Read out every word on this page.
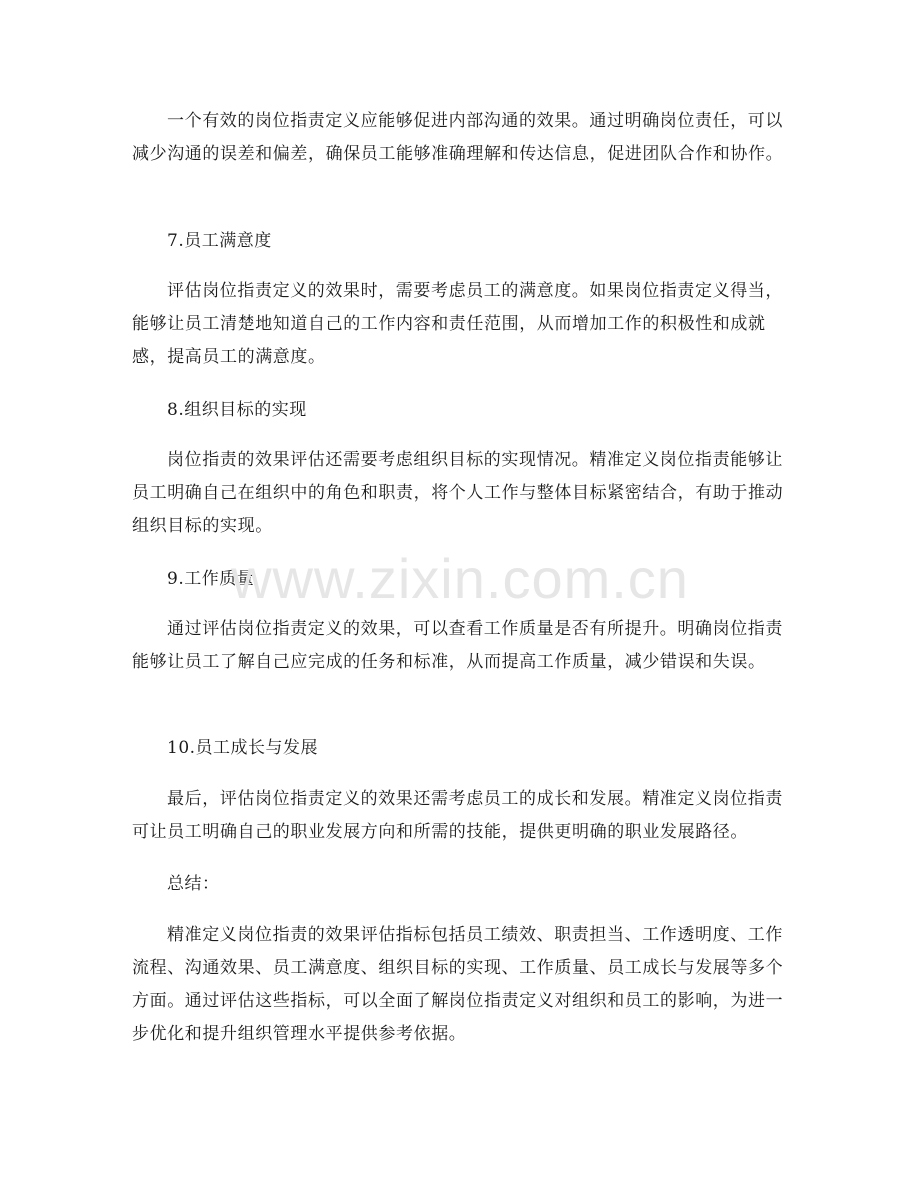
一个有效的岗位指责定义应能够促进内部沟通的效果。通过明确岗位责任，可以减少沟通的误差和偏差，确保员工能够准确理解和传达信息，促进团队合作和协作。

7.员工满意度

评估岗位指责定义的效果时，需要考虑员工的满意度。如果岗位指责定义得当，能够让员工清楚地知道自己的工作内容和责任范围，从而增加工作的积极性和成就感，提高员工的满意度。

8.组织目标的实现

岗位指责的效果评估还需要考虑组织目标的实现情况。精准定义岗位指责能够让员工明确自己在组织中的角色和职责，将个人工作与整体目标紧密结合，有助于推动组织目标的实现。

9.工作质量

通过评估岗位指责定义的效果，可以查看工作质量是否有所提升。明确岗位指责能够让员工了解自己应完成的任务和标准，从而提高工作质量，减少错误和失误。

10.员工成长与发展

最后，评估岗位指责定义的效果还需考虑员工的成长和发展。精准定义岗位指责可让员工明确自己的职业发展方向和所需的技能，提供更明确的职业发展路径。

总结：

精准定义岗位指责的效果评估指标包括员工绩效、职责担当、工作透明度、工作流程、沟通效果、员工满意度、组织目标的实现、工作质量、员工成长与发展等多个方面。通过评估这些指标，可以全面了解岗位指责定义对组织和员工的影响，为进一步优化和提升组织管理水平提供参考依据。

www.zixin.com.cn
